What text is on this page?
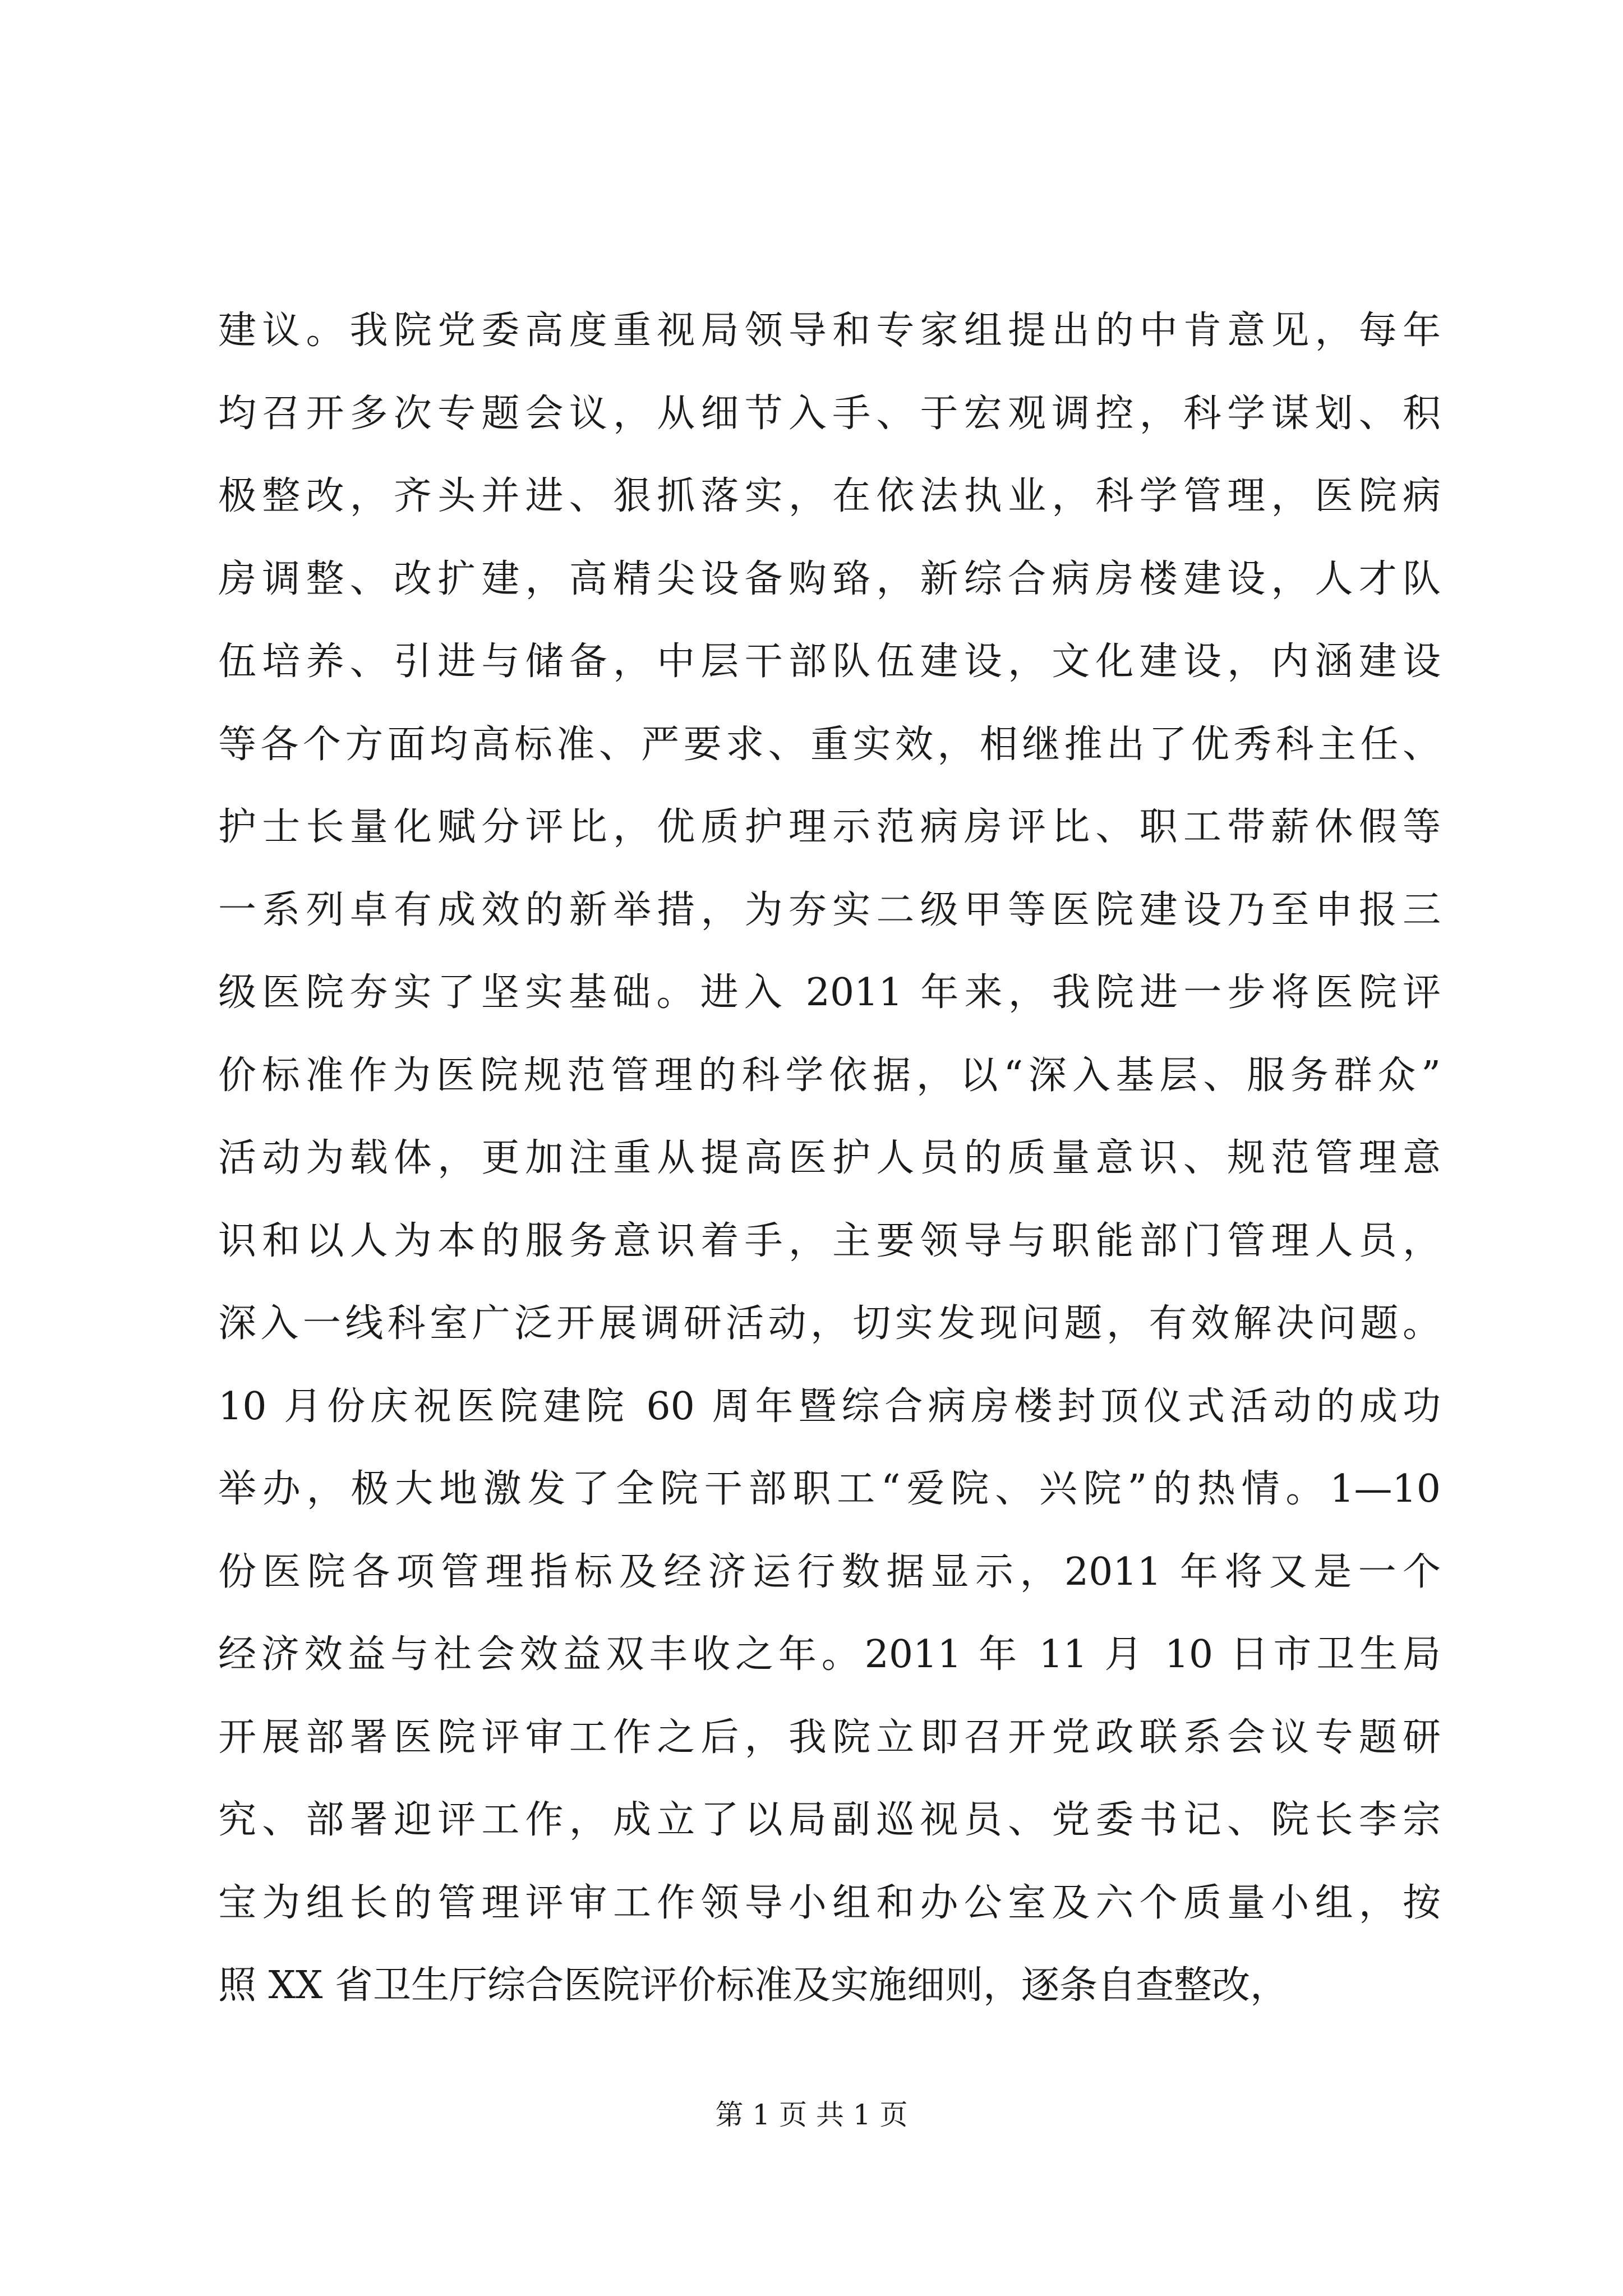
建议。我院党委高度重视局领导和专家组提出的中肯意见，每年
均召开多次专题会议，从细节入手、于宏观调控，科学谋划、积
极整改，齐头并进、狠抓落实，在依法执业，科学管理，医院病
房调整、改扩建，高精尖设备购臵，新综合病房楼建设，人才队
伍培养、引进与储备，中层干部队伍建设，文化建设，内涵建设
等各个方面均高标准、严要求、重实效，相继推出了优秀科主任、
护士长量化赋分评比，优质护理示范病房评比、职工带薪休假等
一系列卓有成效的新举措，为夯实二级甲等医院建设乃至申报三
级医院夯实了坚实基础。进入 2011 年来，我院进一步将医院评
价标准作为医院规范管理的科学依据，以“深入基层、服务群众”
活动为载体，更加注重从提高医护人员的质量意识、规范管理意
识和以人为本的服务意识着手，主要领导与职能部门管理人员，
深入一线科室广泛开展调研活动，切实发现问题，有效解决问题。
10 月份庆祝医院建院 60 周年暨综合病房楼封顶仪式活动的成功
举办，极大地激发了全院干部职工“爱院、兴院”的热情。1—10
份医院各项管理指标及经济运行数据显示，2011 年将又是一个
经济效益与社会效益双丰收之年。2011 年 11 月 10 日市卫生局
开展部署医院评审工作之后，我院立即召开党政联系会议专题研
究、部署迎评工作，成立了以局副巡视员、党委书记、院长李宗
宝为组长的管理评审工作领导小组和办公室及六个质量小组，按
照 XX 省卫生厅综合医院评价标准及实施细则，逐条自查整改，
第 1 页 共 1 页
